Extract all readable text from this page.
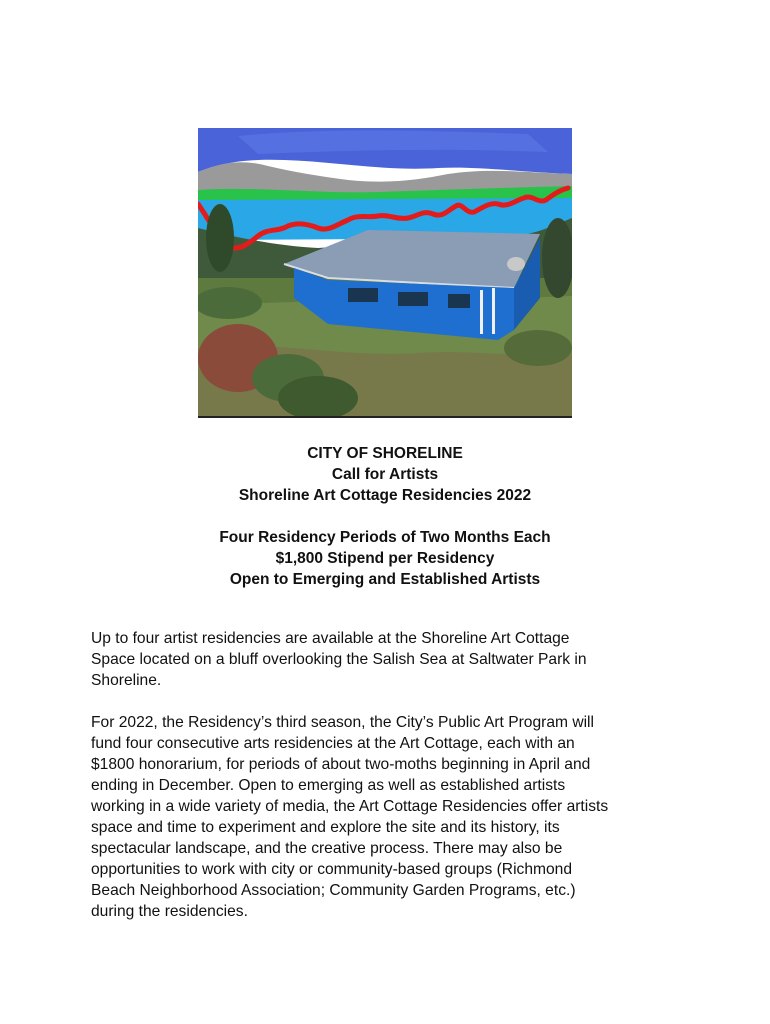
CITY OF SHORELINE
Call for Artists
Shoreline Art Cottage Residencies 2022
Four Residency Periods of Two Months Each
$1,800 Stipend per Residency
Open to Emerging and Established Artists
Up to four artist residencies are available at the Shoreline Art Cottage
Space located on a bluff overlooking the Salish Sea at Saltwater Park in
Shoreline.
For 2022, the Residency’s third season, the City’s Public Art Program will
fund four consecutive arts residencies at the Art Cottage, each with an
$1800 honorarium, for periods of about two-moths beginning in April and
ending in December. Open to emerging as well as established artists
working in a wide variety of media, the Art Cottage Residencies offer artists
space and time to experiment and explore the site and its history, its
spectacular landscape, and the creative process. There may also be
opportunities to work with city or community-based groups (Richmond
Beach Neighborhood Association; Community Garden Programs, etc.)
during the residencies.
